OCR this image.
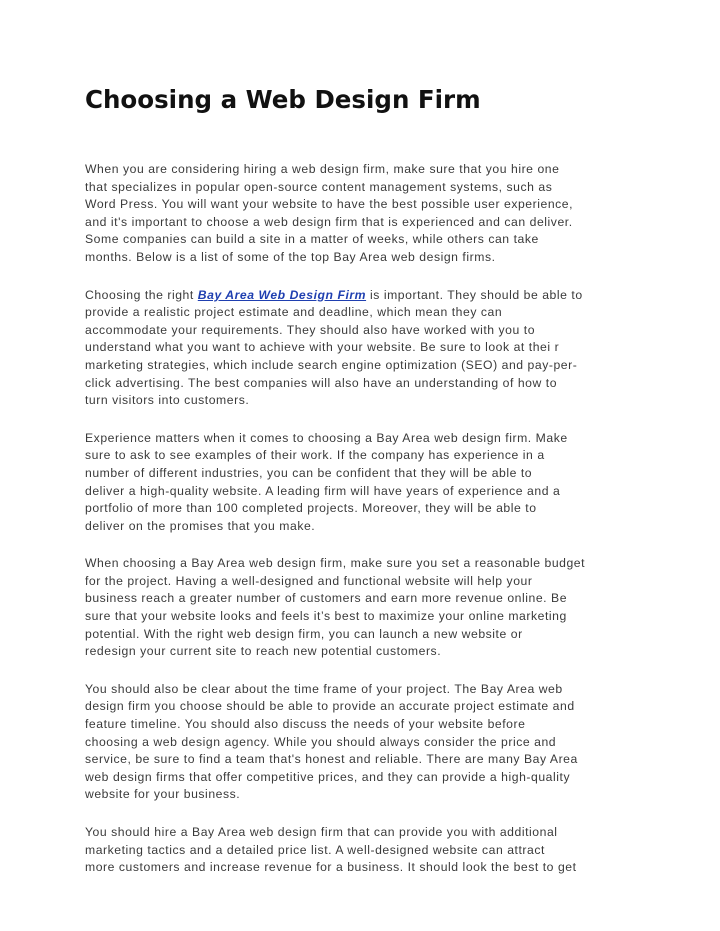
Choosing a Web Design Firm
When you are considering hiring a web design firm, make sure that you hire one
that specializes in popular open-source content management systems, such as
Word Press. You will want your website to have the best possible user experience,
and it's important to choose a web design firm that is experienced and can deliver.
Some companies can build a site in a matter of weeks, while others can take
months. Below is a list of some of the top Bay Area web design firms.
Choosing the right Bay Area Web Design Firm is important. They should be able to
provide a realistic project estimate and deadline, which mean they can
accommodate your requirements. They should also have worked with you to
understand what you want to achieve with your website. Be sure to look at thei r
marketing strategies, which include search engine optimization (SEO) and pay-per-
click advertising. The best companies will also have an understanding of how to
turn visitors into customers.
Experience matters when it comes to choosing a Bay Area web design firm. Make
sure to ask to see examples of their work. If the company has experience in a
number of different industries, you can be confident that they will be able to
deliver a high-quality website. A leading firm will have years of experience and a
portfolio of more than 100 completed projects. Moreover, they will be able to
deliver on the promises that you make.
When choosing a Bay Area web design firm, make sure you set a reasonable budget
for the project. Having a well-designed and functional website will help your
business reach a greater number of customers and earn more revenue online. Be
sure that your website looks and feels it’s best to maximize your online marketing
potential. With the right web design firm, you can launch a new website or
redesign your current site to reach new potential customers.
You should also be clear about the time frame of your project. The Bay Area web
design firm you choose should be able to provide an accurate project estimate and
feature timeline. You should also discuss the needs of your website before
choosing a web design agency. While you should always consider the price and
service, be sure to find a team that's honest and reliable. There are many Bay Area
web design firms that offer competitive prices, and they can provide a high-quality
website for your business.
You should hire a Bay Area web design firm that can provide you with additional
marketing tactics and a detailed price list. A well-designed website can attract
more customers and increase revenue for a business. It should look the best to get
